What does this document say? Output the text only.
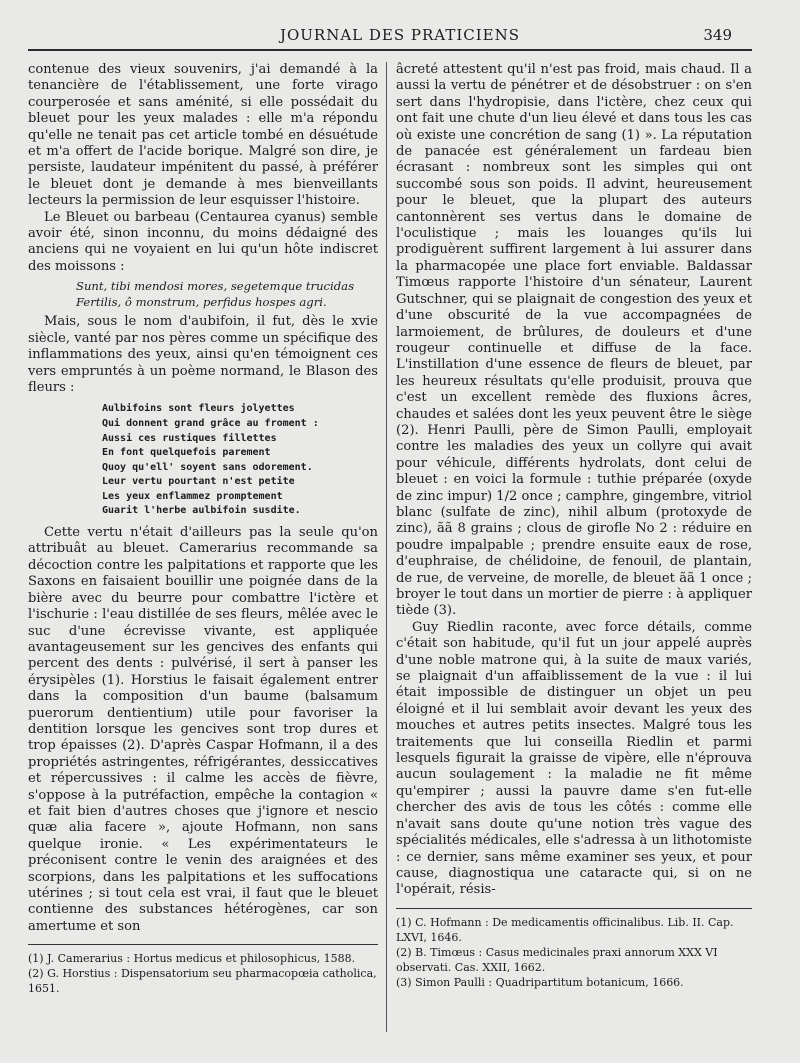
JOURNAL DES PRATICIENS	349

contenue des vieux souvenirs, j'ai demandé à la tenancière de l'établissement, une forte virago courperosée et sans aménité, si elle possédait du bleuet pour les yeux malades : elle m'a répondu qu'elle ne tenait pas cet article tombé en désuétude et m'a offert de l'acide borique. Malgré son dire, je persiste, laudateur impénitent du passé, à préférer le bleuet dont je demande à mes bienveillants lecteurs la permission de leur esquisser l'histoire.

Le Bleuet ou barbeau (Centaurea cyanus) semble avoir été, sinon inconnu, du moins dédaigné des anciens qui ne voyaient en lui qu'un hôte indiscret des moissons :

Sunt, tibi mendosi mores, segetemque trucidas
Fertilis, ô monstrum, perfidus hospes agri.

Mais, sous le nom d'aubifoin, il fut, dès le xvie siècle, vanté par nos pères comme un spécifique des inflammations des yeux, ainsi qu'en témoignent ces vers empruntés à un poème normand, le Blason des fleurs :

Aulbifoins sont fleurs jolyettes
Qui donnent grand grâce au froment :
Aussi ces rustiques fillettes
En font quelquefois parement
Quoy qu'ell' soyent sans odorement.
Leur vertu pourtant n'est petite
Les yeux enflammez promptement
Guarit l'herbe aulbifoin susdite.

Cette vertu n'était d'ailleurs pas la seule qu'on attribuât au bleuet. Camerarius recommande sa décoction contre les palpitations et rapporte que les Saxons en faisaient bouillir une poignée dans de la bière avec du beurre pour combattre l'ictère et l'ischurie : l'eau distillée de ses fleurs, mêlée avec le suc d'une écrevisse vivante, est appliquée avantageusement sur les gencives des enfants qui percent des dents : pulvérisé, il sert à panser les érysipèles (1). Horstius le faisait également entrer dans la composition d'un baume (balsamum puerorum dentientium) utile pour favoriser la dentition lorsque les gencives sont trop dures et trop épaisses (2). D'après Caspar Hofmann, il a des propriétés astringentes, réfrigérantes, dessiccatives et répercussives : il calme les accès de fièvre, s'oppose à la putréfaction, empêche la contagion « et fait bien d'autres choses que j'ignore et nescio quæ alia facere », ajoute Hofmann, non sans quelque ironie. « Les expérimentateurs le préconisent contre le venin des araignées et des scorpions, dans les palpitations et les suffocations utérines ; si tout cela est vrai, il faut que le bleuet contienne des substances hétérogènes, car son amertume et son

(1) J. Camerarius : Hortus medicus et philosophicus, 1588.
(2) G. Horstius : Dispensatorium seu pharmacopœia catholica, 1651.

âcreté attestent qu'il n'est pas froid, mais chaud. Il a aussi la vertu de pénétrer et de désobstruer : on s'en sert dans l'hydropisie, dans l'ictère, chez ceux qui ont fait une chute d'un lieu élevé et dans tous les cas où existe une concrétion de sang (1) ». La réputation de panacée est généralement un fardeau bien écrasant : nombreux sont les simples qui ont succombé sous son poids. Il advint, heureusement pour le bleuet, que la plupart des auteurs cantonnèrent ses vertus dans le domaine de l'oculistique ; mais les louanges qu'ils lui prodiguèrent suffirent largement à lui assurer dans la pharmacopée une place fort enviable. Baldassar Timœus rapporte l'histoire d'un sénateur, Laurent Gutschner, qui se plaignait de congestion des yeux et d'une obscurité de la vue accompagnées de larmoiement, de brûlures, de douleurs et d'une rougeur continuelle et diffuse de la face. L'instillation d'une essence de fleurs de bleuet, par les heureux résultats qu'elle produisit, prouva que c'est un excellent remède des fluxions âcres, chaudes et salées dont les yeux peuvent être le siège (2). Henri Paulli, père de Simon Paulli, employait contre les maladies des yeux un collyre qui avait pour véhicule, différents hydrolats, dont celui de bleuet : en voici la formule : tuthie préparée (oxyde de zinc impur) 1/2 once ; camphre, gingembre, vitriol blanc (sulfate de zinc), nihil album (protoxyde de zinc), ãã 8 grains ; clous de girofle No 2 : réduire en poudre impalpable ; prendre ensuite eaux de rose, d'euphraise, de chélidoine, de fenouil, de plantain, de rue, de verveine, de morelle, de bleuet ãã 1 once ; broyer le tout dans un mortier de pierre : à appliquer tiède (3).

Guy Riedlin raconte, avec force détails, comme c'était son habitude, qu'il fut un jour appelé auprès d'une noble matrone qui, à la suite de maux variés, se plaignait d'un affaiblissement de la vue : il lui était impossible de distinguer un objet un peu éloigné et il lui semblait avoir devant les yeux des mouches et autres petits insectes. Malgré tous les traitements que lui conseilla Riedlin et parmi lesquels figurait la graisse de vipère, elle n'éprouva aucun soulagement : la maladie ne fit même qu'empirer ; aussi la pauvre dame s'en fut-elle chercher des avis de tous les côtés : comme elle n'avait sans doute qu'une notion très vague des spécialités médicales, elle s'adressa à un lithotomiste : ce dernier, sans même examiner ses yeux, et pour cause, diagnostiqua une cataracte qui, si on ne l'opérait, résis-

(1) C. Hofmann : De medicamentis officinalibus. Lib. II. Cap. LXVI, 1646.
(2) B. Timœus : Casus medicinales praxi annorum XXX VI observati. Cas. XXII, 1662.
(3) Simon Paulli : Quadripartitum botanicum, 1666.
